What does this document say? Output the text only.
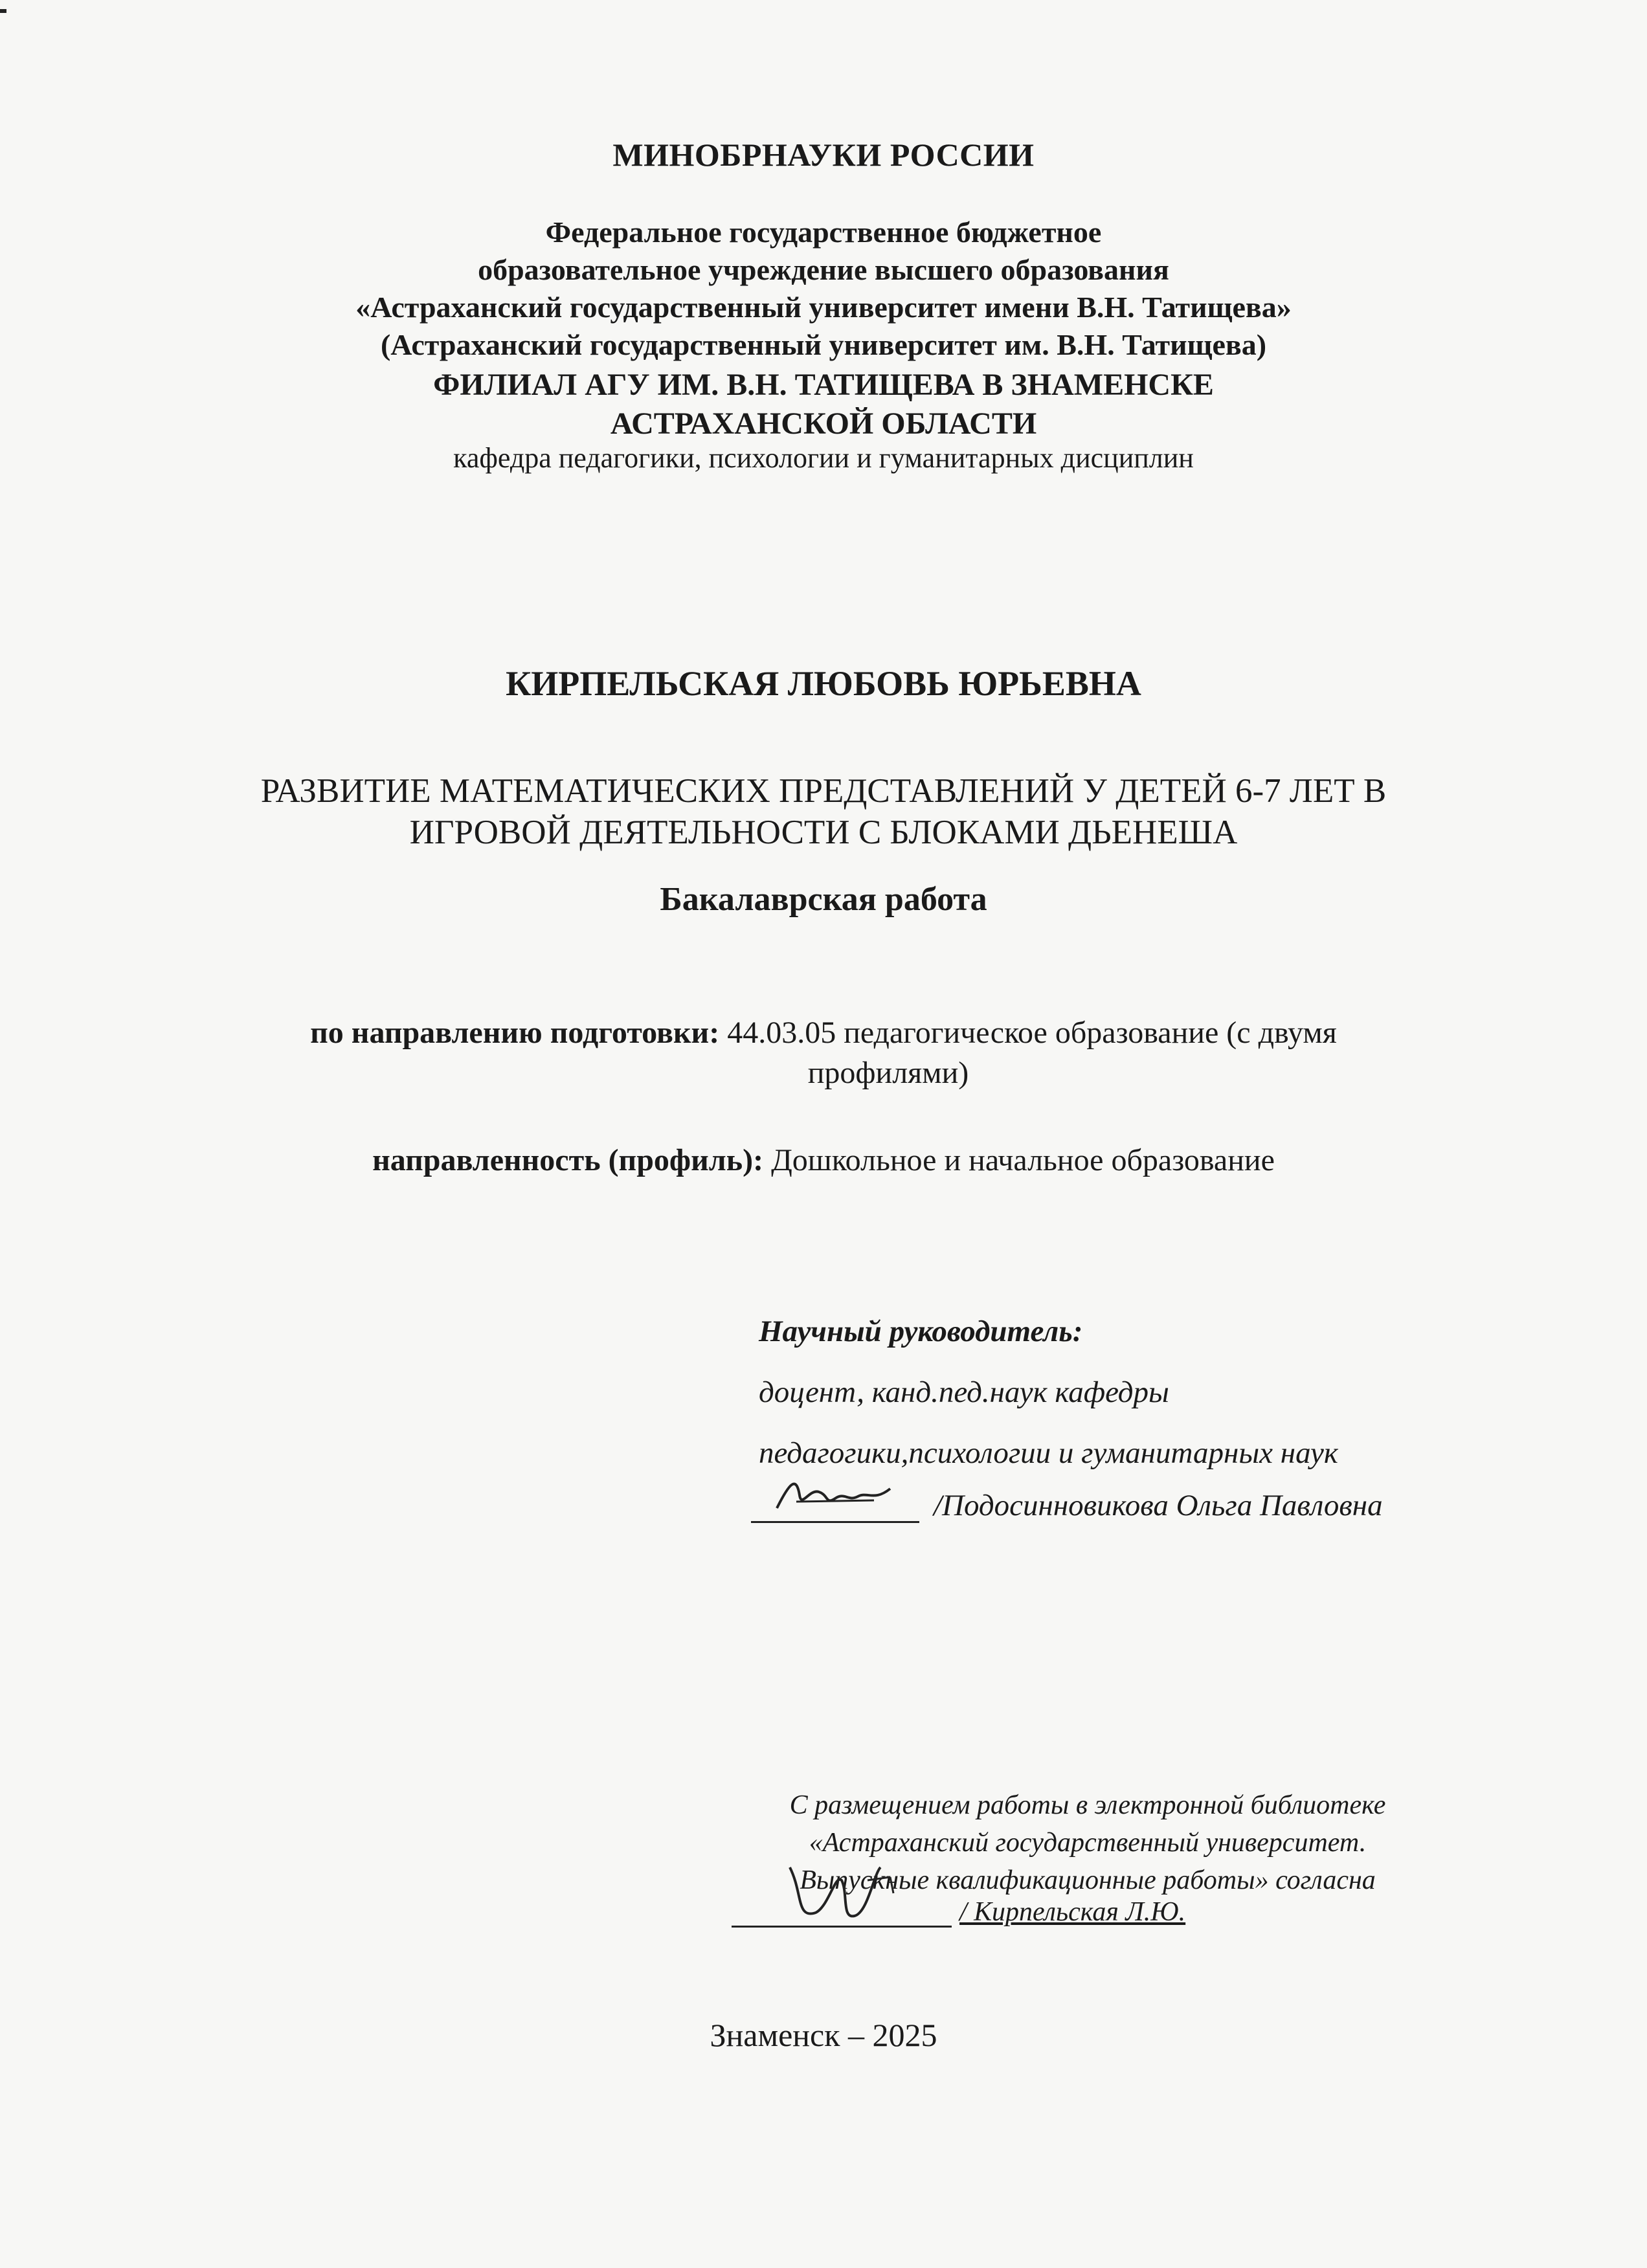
МИНОБРНАУКИ РОССИИ
Федеральное государственное бюджетное
образовательное учреждение высшего образования
«Астраханский государственный университет имени В.Н. Татищева»
(Астраханский государственный университет им. В.Н. Татищева)
ФИЛИАЛ АГУ ИМ. В.Н. ТАТИЩЕВА В ЗНАМЕНСКЕ
АСТРАХАНСКОЙ ОБЛАСТИ
кафедра педагогики, психологии и гуманитарных дисциплин
КИРПЕЛЬСКАЯ ЛЮБОВЬ ЮРЬЕВНА
РАЗВИТИЕ МАТЕМАТИЧЕСКИХ ПРЕДСТАВЛЕНИЙ У ДЕТЕЙ 6-7 ЛЕТ В
ИГРОВОЙ ДЕЯТЕЛЬНОСТИ С БЛОКАМИ ДЬЕНЕША
Бакалаврская работа
по направлению подготовки: 44.03.05 педагогическое образование (с двумя
профилями)
направленность (профиль): Дошкольное и начальное образование
Научный руководитель:
доцент, канд.пед.наук кафедры
педагогики,психологии и гуманитарных наук
/Подосинновикова Ольга Павловна
С размещением работы в электронной библиотеке
«Астраханский государственный университет.
Выпускные квалификационные работы» согласна
/ Кирпельская Л.Ю.
Знаменск – 2025
